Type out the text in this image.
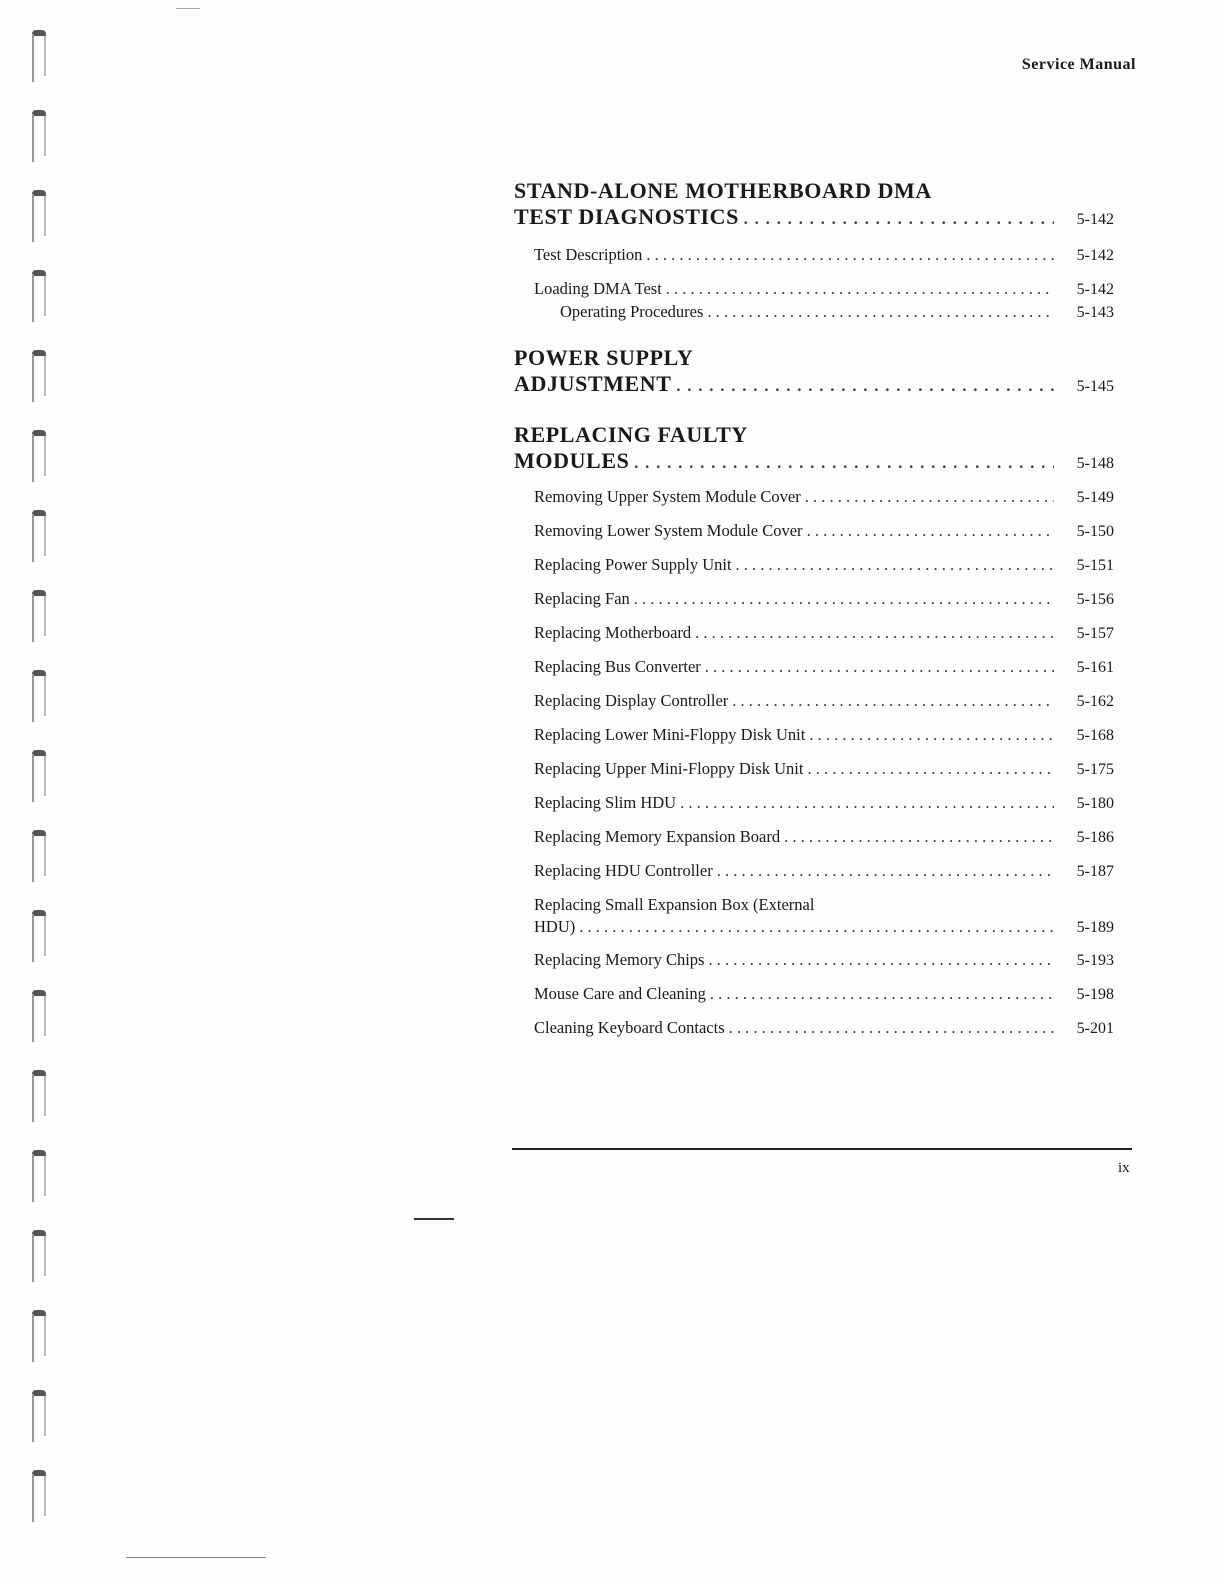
Service Manual
STAND-ALONE MOTHERBOARD DMA
TEST DIAGNOSTICS . . .	5-142
Test Description . . .	5-142
Loading DMA Test . . .	5-142
Operating Procedures . . .	5-143
POWER SUPPLY
ADJUSTMENT . . .	5-145
REPLACING FAULTY
MODULES . . .	5-148
Removing Upper System Module Cover . . .	5-149
Removing Lower System Module Cover . . .	5-150
Replacing Power Supply Unit . . .	5-151
Replacing Fan . . .	5-156
Replacing Motherboard . . .	5-157
Replacing Bus Converter . . .	5-161
Replacing Display Controller . . .	5-162
Replacing Lower Mini-Floppy Disk Unit . . .	5-168
Replacing Upper Mini-Floppy Disk Unit . . .	5-175
Replacing Slim HDU . . .	5-180
Replacing Memory Expansion Board . . .	5-186
Replacing HDU Controller . . .	5-187
Replacing Small Expansion Box (External
HDU) . . .	5-189
Replacing Memory Chips . . .	5-193
Mouse Care and Cleaning . . .	5-198
Cleaning Keyboard Contacts . . .	5-201
ix
